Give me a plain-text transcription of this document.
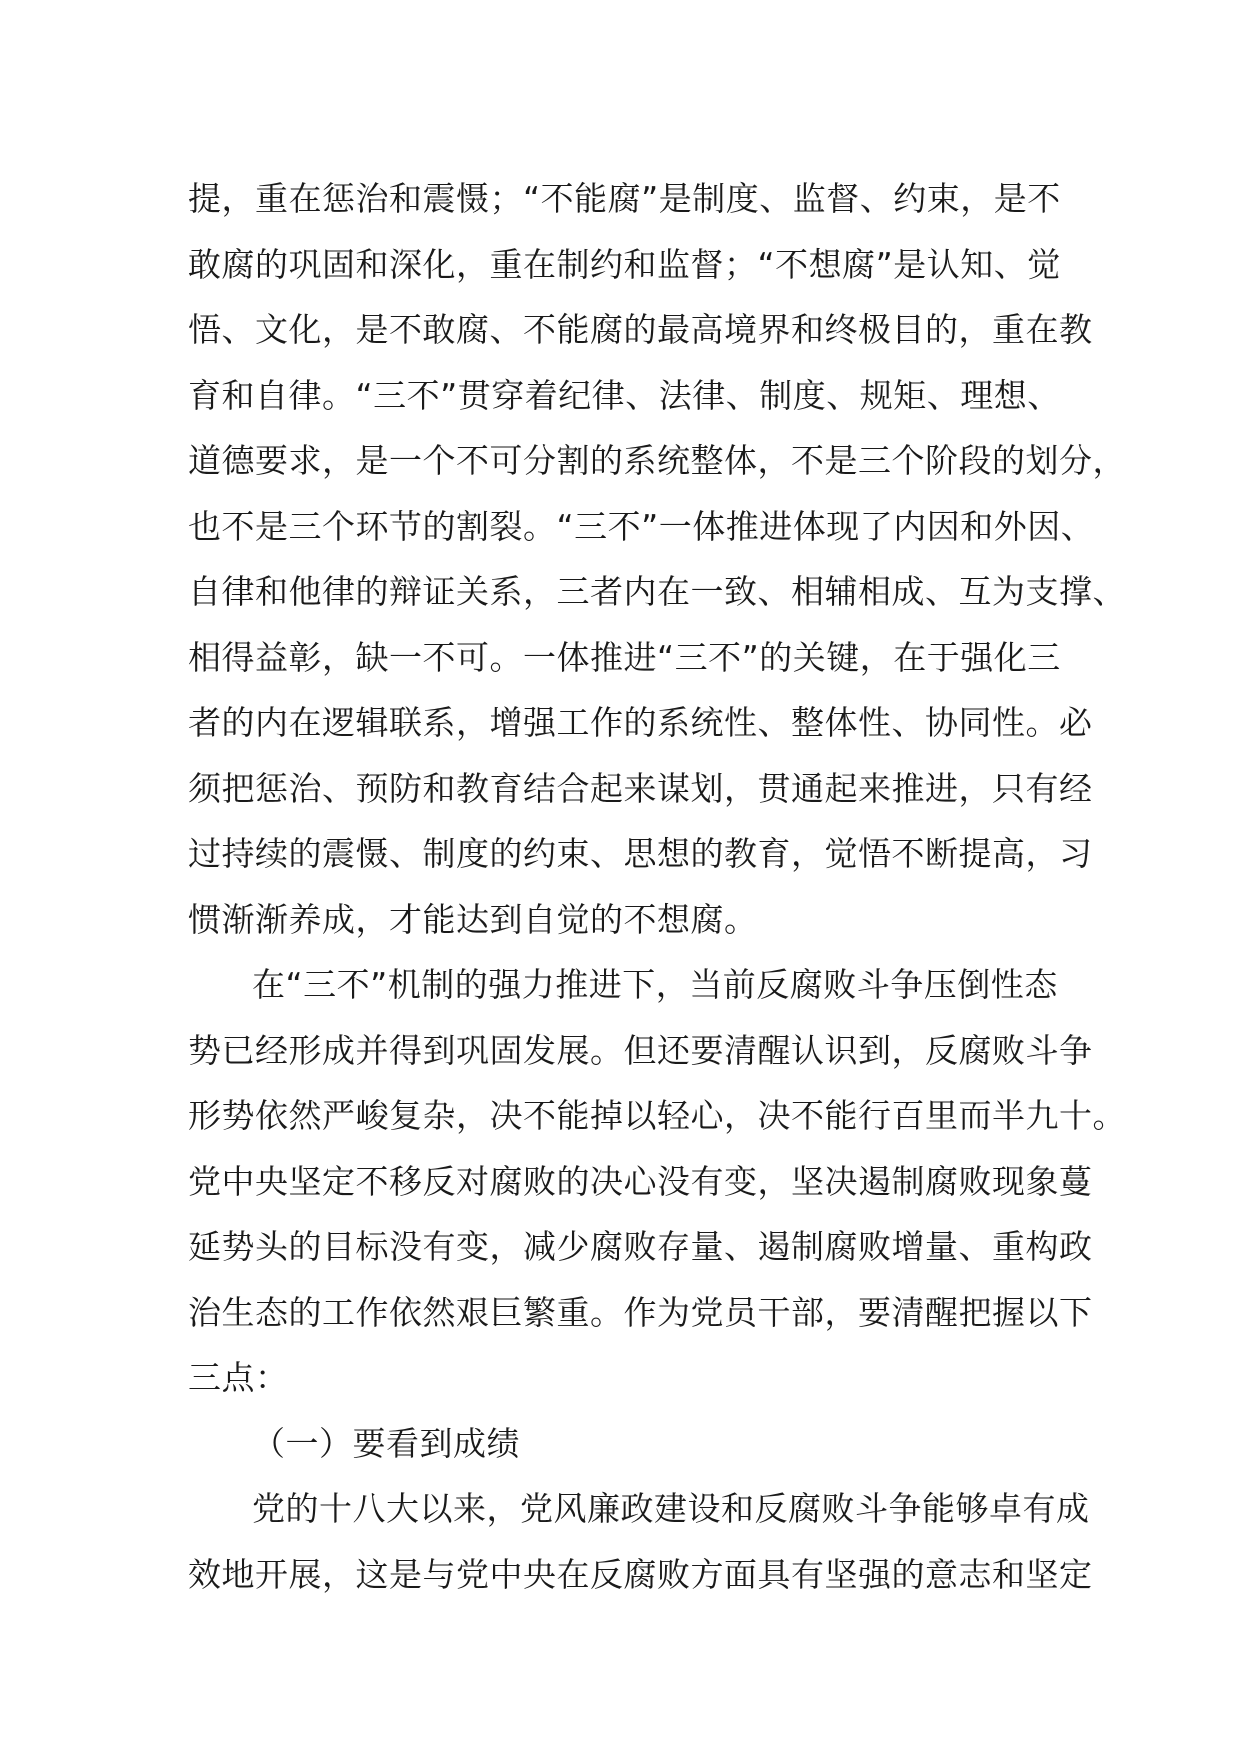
提，重在惩治和震慑；“不能腐”是制度、监督、约束，是不
敢腐的巩固和深化，重在制约和监督；“不想腐”是认知、觉
悟、文化，是不敢腐、不能腐的最高境界和终极目的，重在教
育和自律。“三不”贯穿着纪律、法律、制度、规矩、理想、
道德要求，是一个不可分割的系统整体，不是三个阶段的划分，
也不是三个环节的割裂。“三不”一体推进体现了内因和外因、
自律和他律的辩证关系，三者内在一致、相辅相成、互为支撑、
相得益彰，缺一不可。一体推进“三不”的关键，在于强化三
者的内在逻辑联系，增强工作的系统性、整体性、协同性。必
须把惩治、预防和教育结合起来谋划，贯通起来推进，只有经
过持续的震慑、制度的约束、思想的教育，觉悟不断提高，习
惯渐渐养成，才能达到自觉的不想腐。
在“三不”机制的强力推进下，当前反腐败斗争压倒性态
势已经形成并得到巩固发展。但还要清醒认识到，反腐败斗争
形势依然严峻复杂，决不能掉以轻心，决不能行百里而半九十。
党中央坚定不移反对腐败的决心没有变，坚决遏制腐败现象蔓
延势头的目标没有变，减少腐败存量、遏制腐败增量、重构政
治生态的工作依然艰巨繁重。作为党员干部，要清醒把握以下
三点：
（一）要看到成绩
党的十八大以来，党风廉政建设和反腐败斗争能够卓有成
效地开展，这是与党中央在反腐败方面具有坚强的意志和坚定
